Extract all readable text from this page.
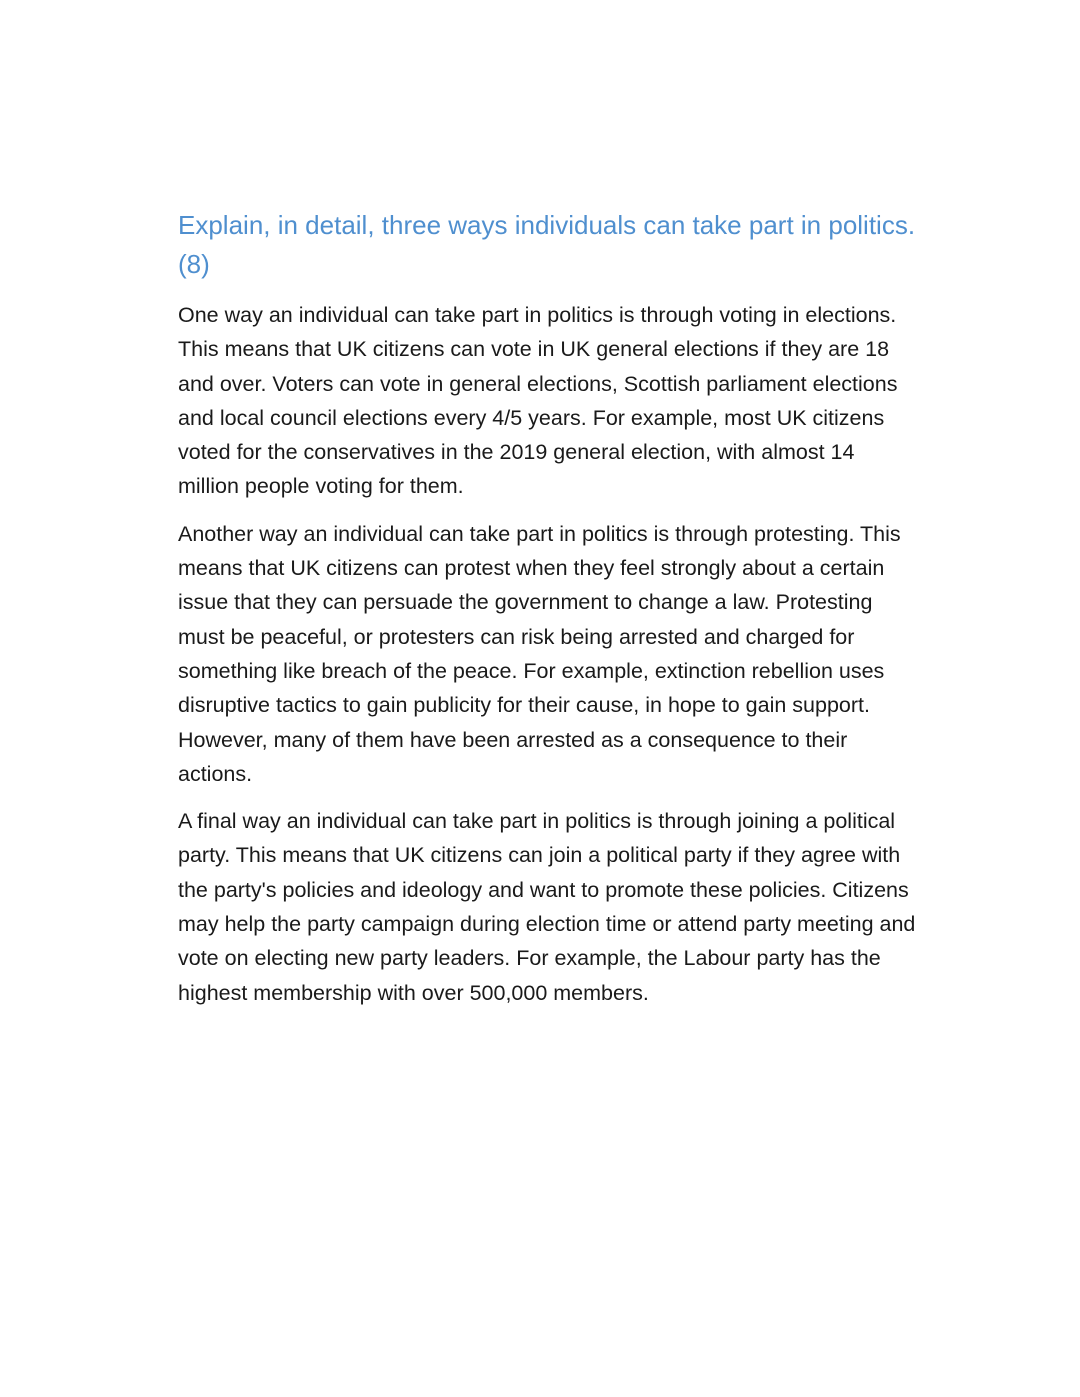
Explain, in detail, three ways individuals can take part in politics. (8)

One way an individual can take part in politics is through voting in elections. This means that UK citizens can vote in UK general elections if they are 18 and over. Voters can vote in general elections, Scottish parliament elections and local council elections every 4/5 years. For example, most UK citizens voted for the conservatives in the 2019 general election, with almost 14 million people voting for them.

Another way an individual can take part in politics is through protesting. This means that UK citizens can protest when they feel strongly about a certain issue that they can persuade the government to change a law. Protesting must be peaceful, or protesters can risk being arrested and charged for something like breach of the peace. For example, extinction rebellion uses disruptive tactics to gain publicity for their cause, in hope to gain support. However, many of them have been arrested as a consequence to their actions.

A final way an individual can take part in politics is through joining a political party. This means that UK citizens can join a political party if they agree with the party's policies and ideology and want to promote these policies. Citizens may help the party campaign during election time or attend party meeting and vote on electing new party leaders. For example, the Labour party has the highest membership with over 500,000 members.
